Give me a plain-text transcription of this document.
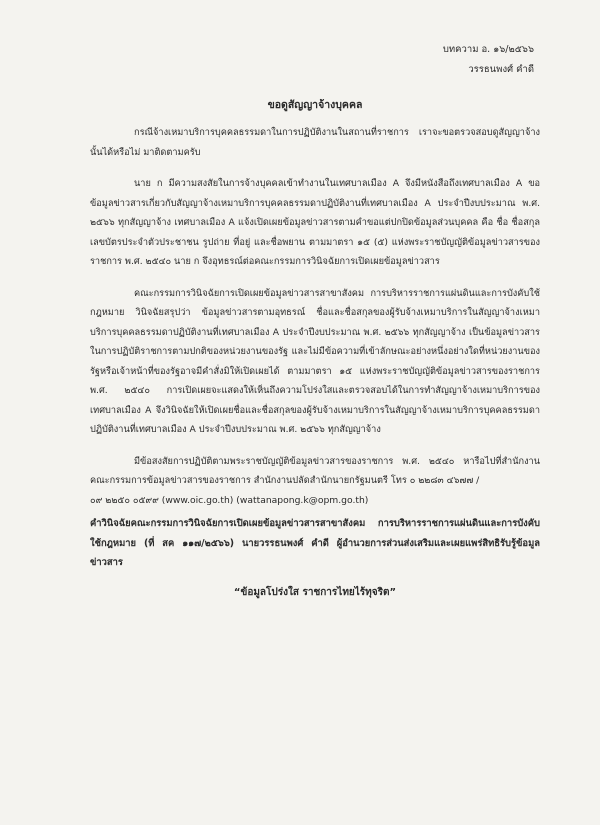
บทความ อ. ๑๖/๒๕๖๖
วรรธนพงศ์ คำดี
ขอดูสัญญาจ้างบุคคล

กรณีจ้างเหมาบริการบุคคลธรรมดาในการปฏิบัติงานในสถานที่ราชการ เราจะขอตรวจสอบดูสัญญาจ้างนั้นได้หรือไม่ มาติดตามครับ

นาย ก มีความสงสัยในการจ้างบุคคลเข้าทำงานในเทศบาลเมือง A จึงมีหนังสือถึงเทศบาลเมือง A ขอข้อมูลข่าวสารเกี่ยวกับสัญญาจ้างเหมาบริการบุคคลธรรมดาปฏิบัติงานที่เทศบาลเมือง A ประจำปีงบประมาณ พ.ศ. ๒๕๖๖ ทุกสัญญาจ้าง เทศบาลเมือง A แจ้งเปิดเผยข้อมูลข่าวสารตามคำขอแต่ปกปิดข้อมูลส่วนบุคคล คือ ชื่อ ชื่อสกุล เลขบัตรประจำตัวประชาชน รูปถ่าย ที่อยู่ และชื่อพยาน ตามมาตรา ๑๕ (๕) แห่งพระราชบัญญัติข้อมูลข่าวสารของราชการ พ.ศ. ๒๕๔๐ นาย ก จึงอุทธรณ์ต่อคณะกรรมการวินิจฉัยการเปิดเผยข้อมูลข่าวสาร

คณะกรรมการวินิจฉัยการเปิดเผยข้อมูลข่าวสารสาขาสังคม การบริหารราชการแผ่นดินและการบังคับใช้กฎหมาย วินิจฉัยสรุปว่า ข้อมูลข่าวสารตามอุทธรณ์ ชื่อและชื่อสกุลของผู้รับจ้างเหมาบริการในสัญญาจ้างเหมาบริการบุคคลธรรมดาปฏิบัติงานที่เทศบาลเมือง A ประจำปีงบประมาณ พ.ศ. ๒๕๖๖ ทุกสัญญาจ้าง เป็นข้อมูลข่าวสารในการปฏิบัติราชการตามปกติของหน่วยงานของรัฐ และไม่มีข้อความที่เข้าลักษณะอย่างหนึ่งอย่างใดที่หน่วยงานของรัฐหรือเจ้าหน้าที่ของรัฐอาจมีคำสั่งมิให้เปิดเผยได้ ตามมาตรา ๑๕ แห่งพระราชบัญญัติข้อมูลข่าวสารของราชการ พ.ศ. ๒๕๔๐ การเปิดเผยจะแสดงให้เห็นถึงความโปร่งใสและตรวจสอบได้ในการทำสัญญาจ้างเหมาบริการของเทศบาลเมือง A จึงวินิจฉัยให้เปิดเผยชื่อและชื่อสกุลของผู้รับจ้างเหมาบริการในสัญญาจ้างเหมาบริการบุคคลธรรมดาปฏิบัติงานที่เทศบาลเมือง A ประจำปีงบประมาณ พ.ศ. ๒๕๖๖ ทุกสัญญาจ้าง

มีข้อสงสัยการปฏิบัติตามพระราชบัญญัติข้อมูลข่าวสารของราชการ พ.ศ. ๒๕๔๐ หารือไปที่สำนักงานคณะกรรมการข้อมูลข่าวสารของราชการ สำนักงานปลัดสำนักนายกรัฐมนตรี โทร ๐ ๒๒๘๓ ๔๖๗๗ /

๐๙ ๒๒๕๐ ๐๕๙๙ (www.oic.go.th) (wattanapong.k@opm.go.th)

คำวินิจฉัยคณะกรรมการวินิจฉัยการเปิดเผยข้อมูลข่าวสารสาขาสังคม การบริหารราชการแผ่นดินและการบังคับใช้กฎหมาย (ที่ สค ๑๑๗/๒๕๖๖) นายวรรธนพงศ์ คำดี ผู้อำนวยการส่วนส่งเสริมและเผยแพร่สิทธิรับรู้ข้อมูลข่าวสาร

“ข้อมูลโปร่งใส ราชการไทยไร้ทุจริต”
